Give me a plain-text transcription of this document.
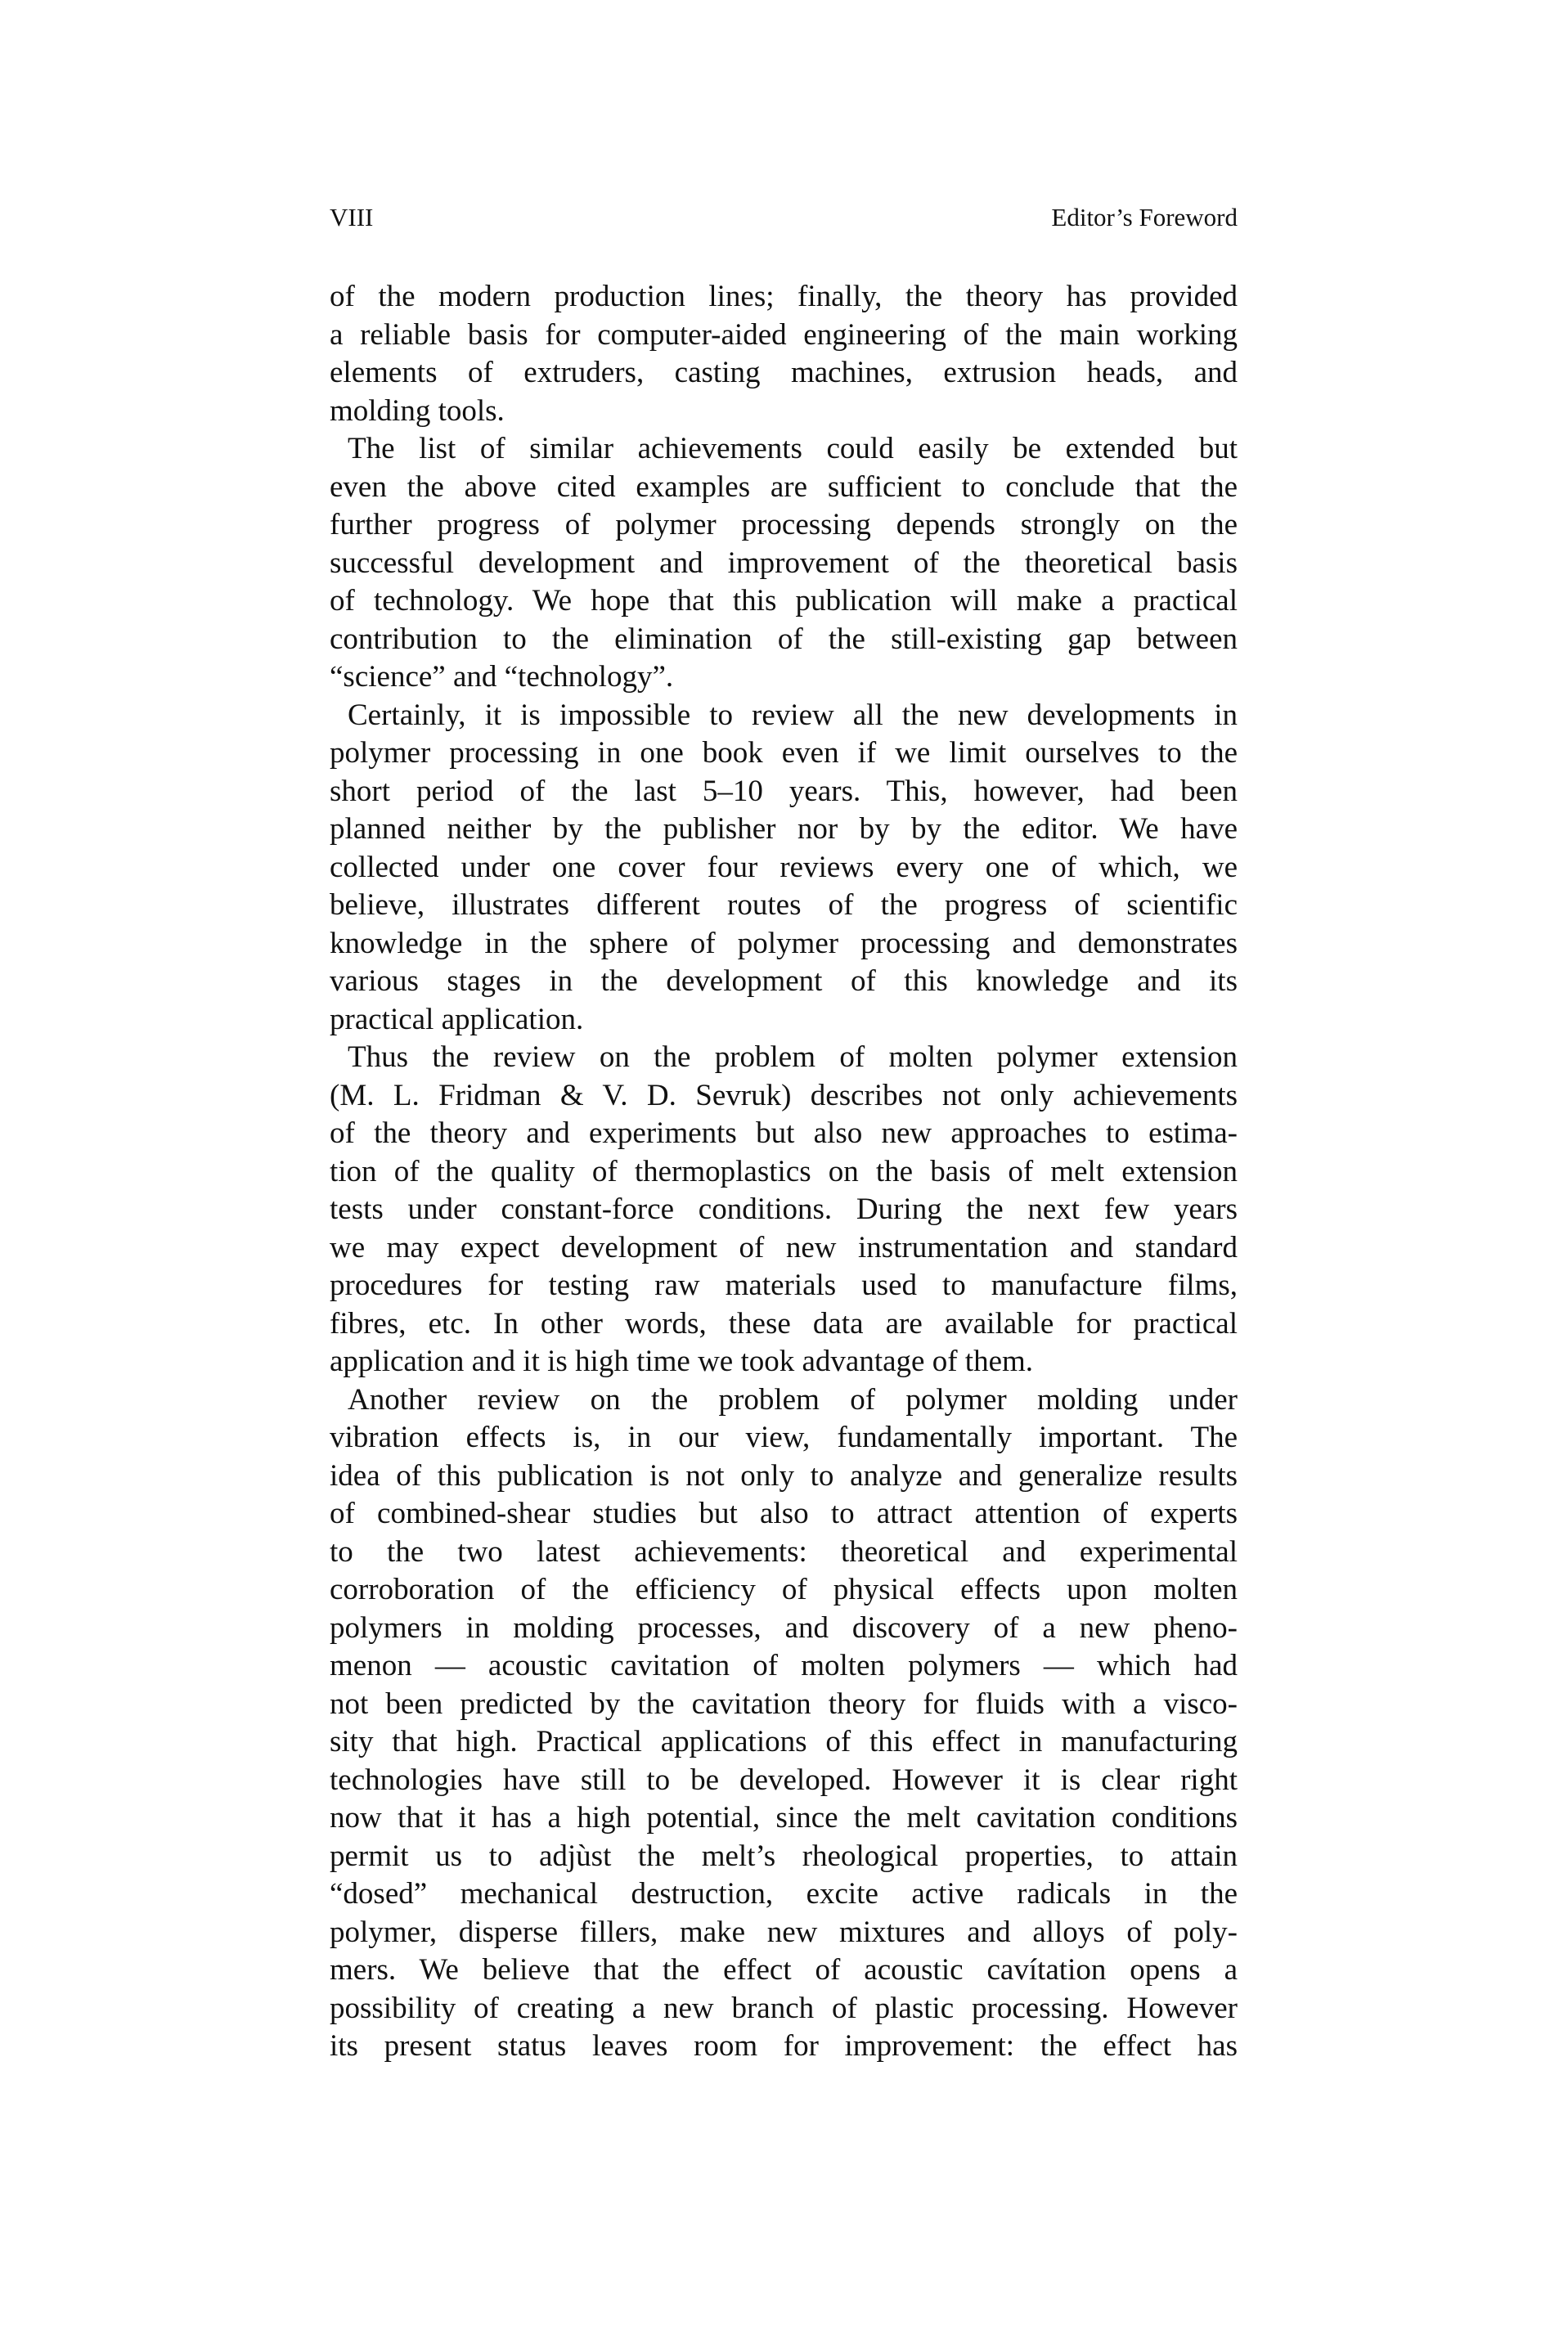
VIII	Editor’s Foreword
of the modern production lines; finally, the theory has provided
a reliable basis for computer-aided engineering of the main working
elements of extruders, casting machines, extrusion heads, and
molding tools.
The list of similar achievements could easily be extended but
even the above cited examples are sufficient to conclude that the
further progress of polymer processing depends strongly on the
successful development and improvement of the theoretical basis
of technology. We hope that this publication will make a practical
contribution to the elimination of the still-existing gap between
“science” and “technology”.
Certainly, it is impossible to review all the new developments in
polymer processing in one book even if we limit ourselves to the
short period of the last 5–10 years. This, however, had been
planned neither by the publisher nor by by the editor. We have
collected under one cover four reviews every one of which, we
believe, illustrates different routes of the progress of scientific
knowledge in the sphere of polymer processing and demonstrates
various stages in the development of this knowledge and its
practical application.
Thus the review on the problem of molten polymer extension
(M. L. Fridman & V. D. Sevruk) describes not only achievements
of the theory and experiments but also new approaches to estima-
tion of the quality of thermoplastics on the basis of melt extension
tests under constant-force conditions. During the next few years
we may expect development of new instrumentation and standard
procedures for testing raw materials used to manufacture films,
fibres, etc. In other words, these data are available for practical
application and it is high time we took advantage of them.
Another review on the problem of polymer molding under
vibration effects is, in our view, fundamentally important. The
idea of this publication is not only to analyze and generalize results
of combined-shear studies but also to attract attention of experts
to the two latest achievements: theoretical and experimental
corroboration of the efficiency of physical effects upon molten
polymers in molding processes, and discovery of a new pheno-
menon — acoustic cavitation of molten polymers — which had
not been predicted by the cavitation theory for fluids with a visco-
sity that high. Practical applications of this effect in manufacturing
technologies have still to be developed. However it is clear right
now that it has a high potential, since the melt cavitation conditions
permit us to adjùst the melt’s rheological properties, to attain
“dosed” mechanical destruction, excite active radicals in the
polymer, disperse fillers, make new mixtures and alloys of poly-
mers. We believe that the effect of acoustic cavítation opens a
possibility of creating a new branch of plastic processing. However
its present status leaves room for improvement: the effect has
